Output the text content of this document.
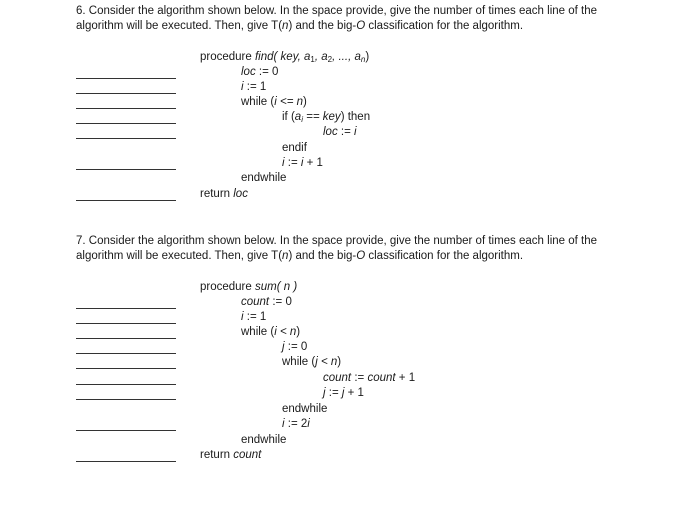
6. Consider the algorithm shown below. In the space provide, give the number of times each line of the
algorithm will be executed. Then, give T(n) and the big-O classification for the algorithm.

procedure find( key, $a_1$, $a_2$, ..., $a_n$)
loc := 0
i := 1
while (i <= n)
if $(a_i == key)$ then
loc := i
endif
i := i + 1
endwhile
return loc

7. Consider the algorithm shown below. In the space provide, give the number of times each line of the
algorithm will be executed. Then, give T(n) and the big-O classification for the algorithm.

procedure sum( n )
count := 0
i := 1
while (i < n)
j := 0
while (j < n)
count := count + 1
j := j + 1
endwhile
i := 2i
endwhile
return count
